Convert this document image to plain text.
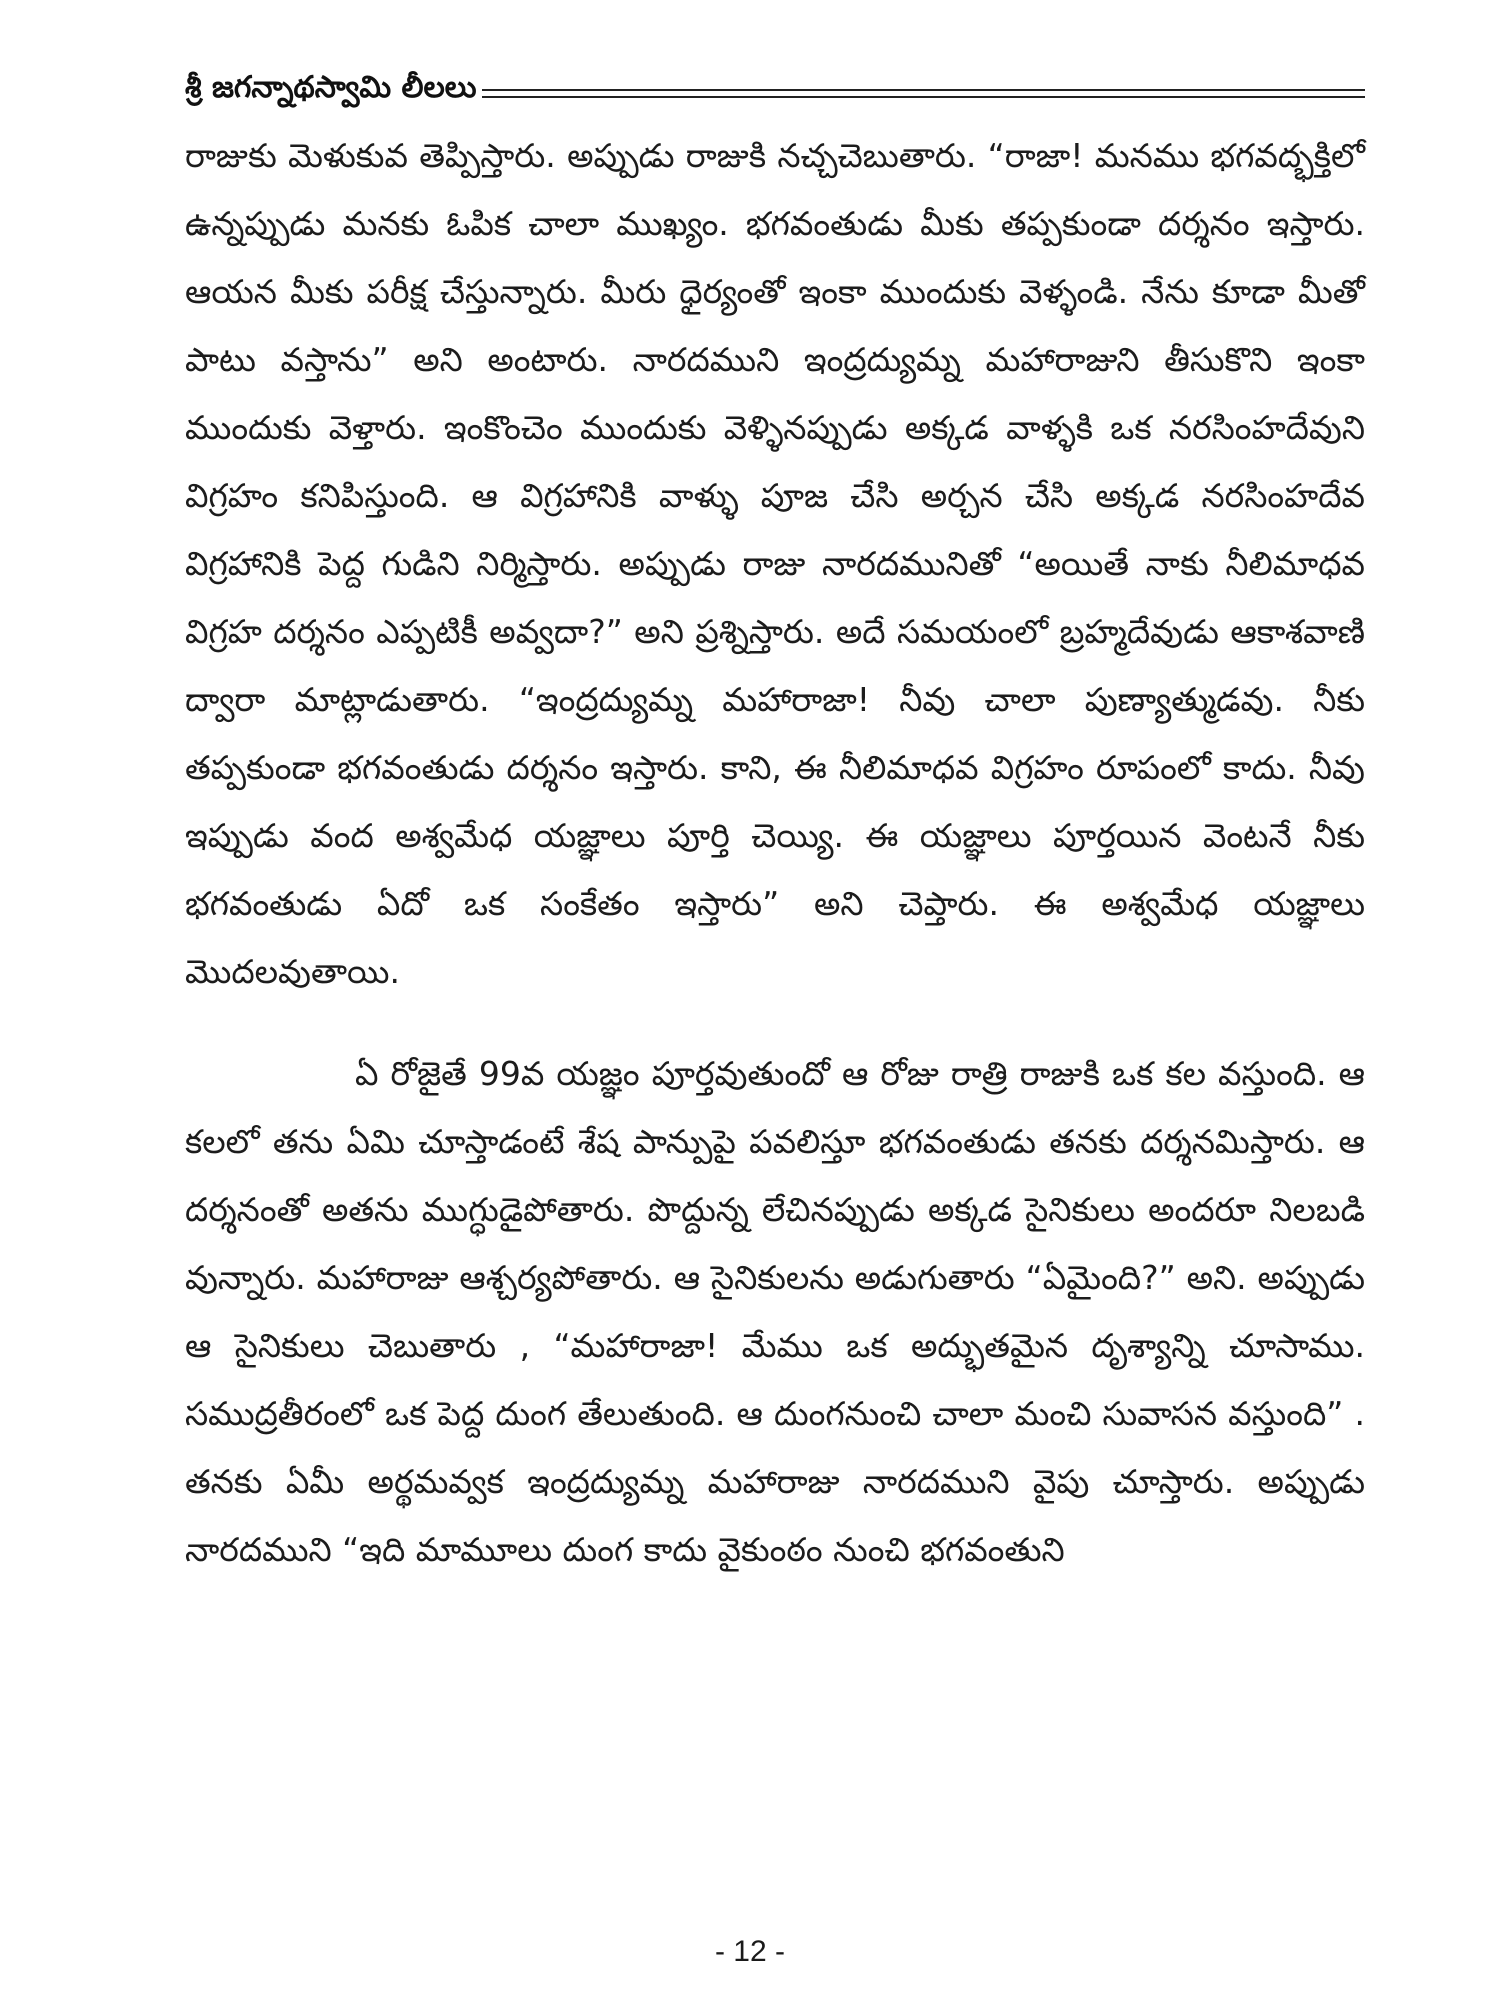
శ్రీ జగన్నాథస్వామి లీలలు

రాజుకు మెళుకువ తెప్పిస్తారు. అప్పుడు రాజుకి నచ్చచెబుతారు. “రాజా! మనము భగవద్భక్తిలో ఉన్నప్పుడు మనకు ఓపిక చాలా ముఖ్యం. భగవంతుడు మీకు తప్పకుండా దర్శనం ఇస్తారు. ఆయన మీకు పరీక్ష చేస్తున్నారు. మీరు ధైర్యంతో ఇంకా ముందుకు వెళ్ళండి. నేను కూడా మీతో పాటు వస్తాను” అని అంటారు. నారదముని ఇంద్రద్యుమ్న మహారాజుని తీసుకొని ఇంకా ముందుకు వెళ్తారు. ఇంకొంచెం ముందుకు వెళ్ళినప్పుడు అక్కడ వాళ్ళకి ఒక నరసింహదేవుని విగ్రహం కనిపిస్తుంది. ఆ విగ్రహానికి వాళ్ళు పూజ చేసి అర్చన చేసి అక్కడ నరసింహదేవ విగ్రహానికి పెద్ద గుడిని నిర్మిస్తారు. అప్పుడు రాజు నారదమునితో “అయితే నాకు నీలిమాధవ విగ్రహ దర్శనం ఎప్పటికీ అవ్వదా?” అని ప్రశ్నిస్తారు. అదే సమయంలో బ్రహ్మదేవుడు ఆకాశవాణి ద్వారా మాట్లాడుతారు. “ఇంద్రద్యుమ్న మహారాజా! నీవు చాలా పుణ్యాత్ముడవు. నీకు తప్పకుండా భగవంతుడు దర్శనం ఇస్తారు. కాని, ఈ నీలిమాధవ విగ్రహం రూపంలో కాదు. నీవు ఇప్పుడు వంద అశ్వమేధ యజ్ఞాలు పూర్తి చెయ్యి. ఈ యజ్ఞాలు పూర్తయిన వెంటనే నీకు భగవంతుడు ఏదో ఒక సంకేతం ఇస్తారు” అని చెప్తారు. ఈ అశ్వమేధ యజ్ఞాలు మొదలవుతాయి.

ఏ రోజైతే 99వ యజ్ఞం పూర్తవుతుందో ఆ రోజు రాత్రి రాజుకి ఒక కల వస్తుంది. ఆ కలలో తను ఏమి చూస్తాడంటే శేష పాన్పుపై పవలిస్తూ భగవంతుడు తనకు దర్శనమిస్తారు. ఆ దర్శనంతో అతను ముగ్ధుడైపోతారు. పొద్దున్న లేచినప్పుడు అక్కడ సైనికులు అందరూ నిలబడి వున్నారు. మహారాజు ఆశ్చర్యపోతారు. ఆ సైనికులను అడుగుతారు “ఏమైంది?” అని. అప్పుడు ఆ సైనికులు చెబుతారు , “మహారాజా! మేము ఒక అద్భుతమైన దృశ్యాన్ని చూసాము. సముద్రతీరంలో ఒక పెద్ద దుంగ తేలుతుంది. ఆ దుంగనుంచి చాలా మంచి సువాసన వస్తుంది” . తనకు ఏమీ అర్థమవ్వక ఇంద్రద్యుమ్న మహారాజు నారదముని వైపు చూస్తారు. అప్పుడు నారదముని “ఇది మామూలు దుంగ కాదు వైకుంఠం నుంచి భగవంతుని

- 12 -
